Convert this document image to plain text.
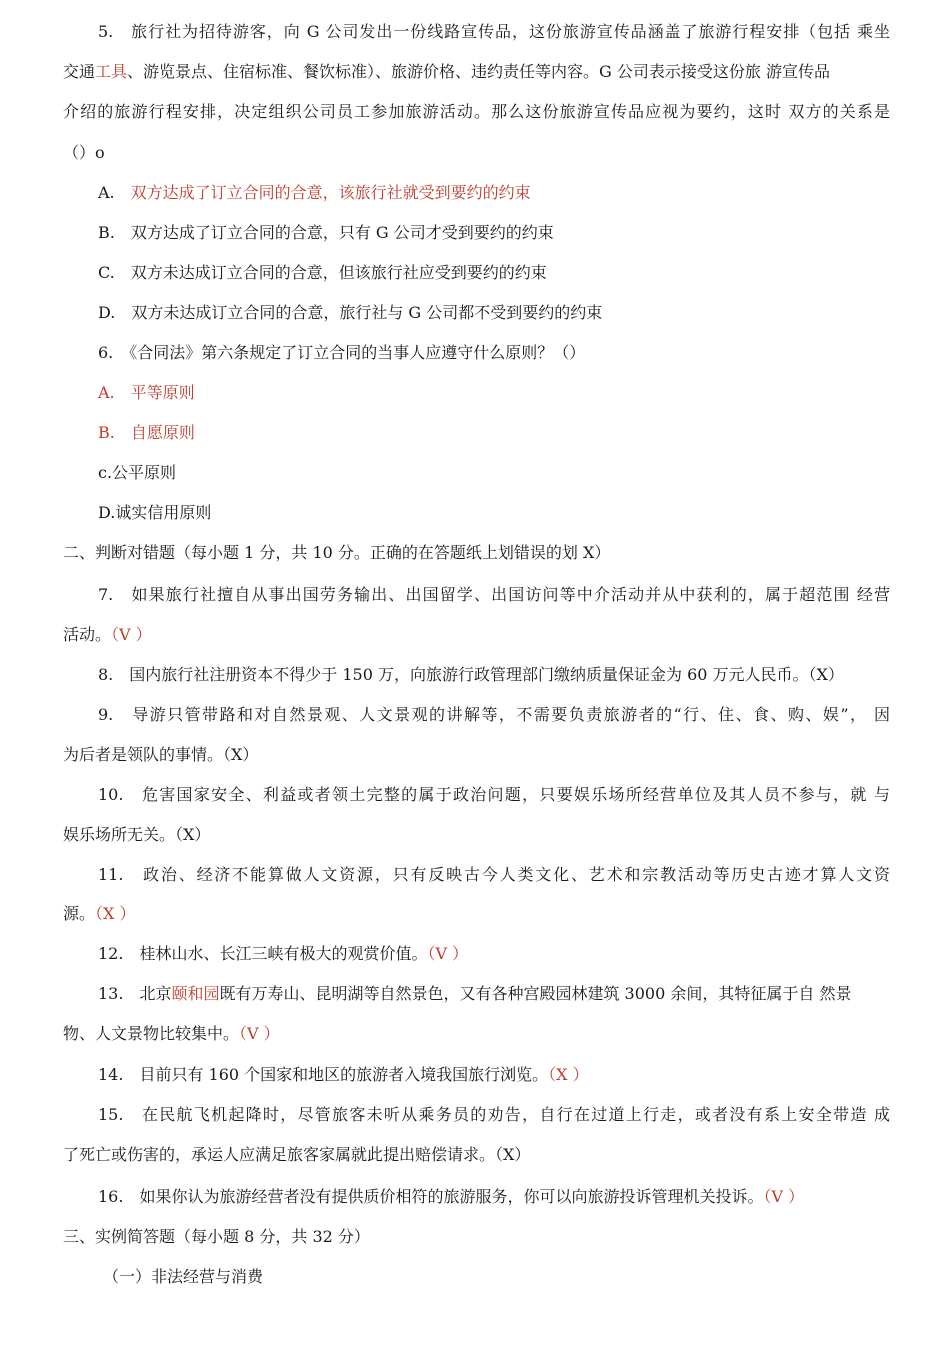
5.　旅行社为招待游客，向 G 公司发出一份线路宣传品，这份旅游宣传品涵盖了旅游行程安排（包括 乘坐
交通工具、游览景点、住宿标准、餐饮标准）、旅游价格、违约责任等内容。G 公司表示接受这份旅 游宣传品
介绍的旅游行程安排，决定组织公司员工参加旅游活动。那么这份旅游宣传品应视为要约，这时 双方的关系是
（）o
A.　 双方达成了订立合同的合意，该旅行社就受到要约的约束
B.　双方达成了订立合同的合意，只有 G 公司才受到要约的约束
C.　双方未达成订立合同的合意，但该旅行社应受到要约的约束
D.　双方未达成订立合同的合意，旅行社与 G 公司都不受到要约的约束
6.　《合同法》第六条规定了订立合同的当事人应遵守什么原则？（）
A.　平等原则
B.　自愿原则
c.公平原则
D.诚实信用原则
二、判断对错题（每小题 1 分，共 10 分。正确的在答题纸上划错误的划 X）
7.　如果旅行社擅自从事出国劳务输出、出国留学、出国访问等中介活动并从中获利的，属于超范围 经营
活动。（V ）
8.　国内旅行社注册资本不得少于 150 万，向旅游行政管理部门缴纳质量保证金为 60 万元人民币。（X）
9.　导游只管带路和对自然景观、人文景观的讲解等，不需要负责旅游者的“行、住、食、购、娱”， 因
为后者是领队的事情。（X）
10.　危害国家安全、利益或者领土完整的属于政治问题，只要娱乐场所经营单位及其人员不参与，就 与
娱乐场所无关。（X）
11.　政治、经济不能算做人文资源，只有反映古今人类文化、艺术和宗教活动等历史古迹才算人文资
源。（X ）
12.　桂林山水、长江三峡有极大的观赏价值。（V ）
13.　北京颐和园既有万寿山、昆明湖等自然景色，又有各种宫殿园林建筑 3000 余间，其特征属于自 然景
物、人文景物比较集中。（V ）
14.　目前只有 160 个国家和地区的旅游者入境我国旅行浏览。（X ）
15.　在民航飞机起降时，尽管旅客未听从乘务员的劝告，自行在过道上行走，或者没有系上安全带造 成
了死亡或伤害的，承运人应满足旅客家属就此提出赔偿请求。（X）
16.　如果你认为旅游经营者没有提供质价相符的旅游服务，你可以向旅游投诉管理机关投诉。（V ）
三、实例简答题（每小题 8 分，共 32 分）
（一）非法经营与消费
